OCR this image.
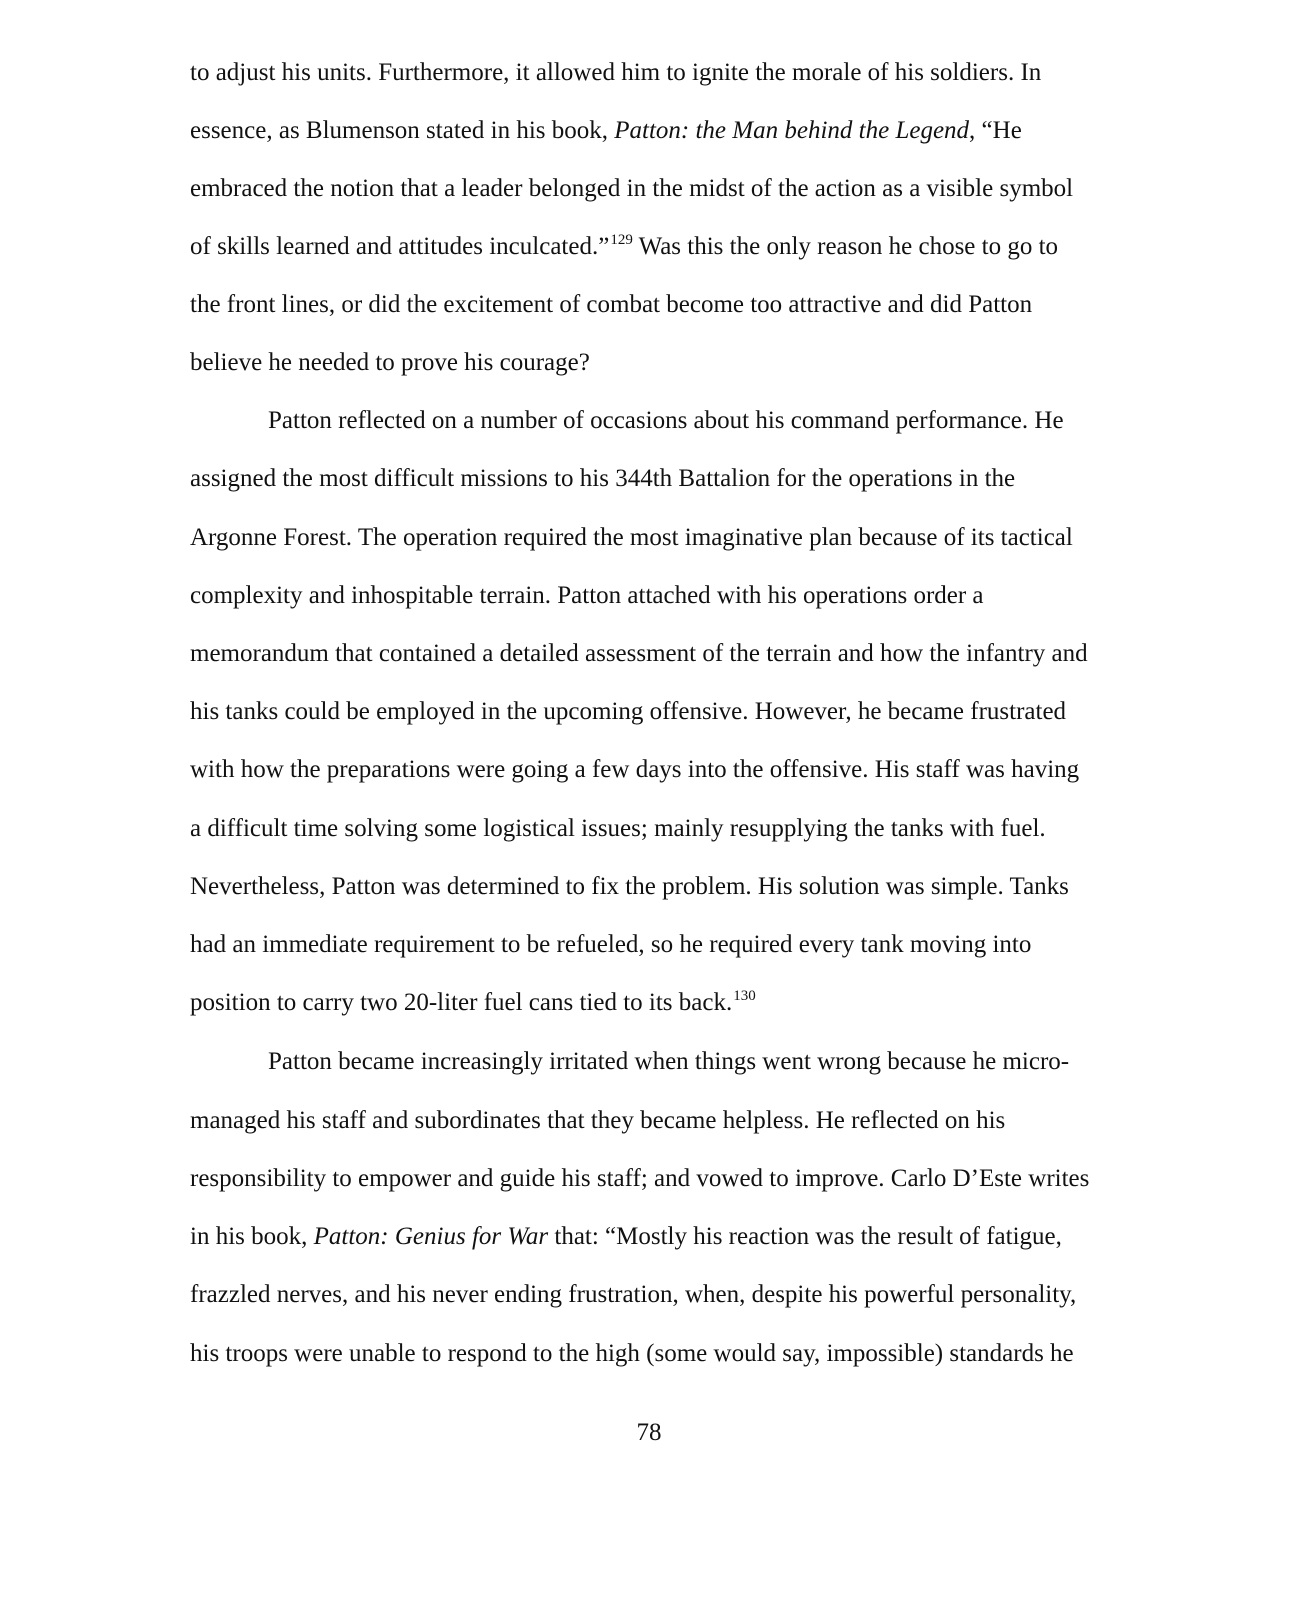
to adjust his units. Furthermore, it allowed him to ignite the morale of his soldiers. In
essence, as Blumenson stated in his book, Patton: the Man behind the Legend, “He
embraced the notion that a leader belonged in the midst of the action as a visible symbol
of skills learned and attitudes inculcated.”$^{129}$ Was this the only reason he chose to go to
the front lines, or did the excitement of combat become too attractive and did Patton
believe he needed to prove his courage?
Patton reflected on a number of occasions about his command performance. He
assigned the most difficult missions to his 344th Battalion for the operations in the
Argonne Forest. The operation required the most imaginative plan because of its tactical
complexity and inhospitable terrain. Patton attached with his operations order a
memorandum that contained a detailed assessment of the terrain and how the infantry and
his tanks could be employed in the upcoming offensive. However, he became frustrated
with how the preparations were going a few days into the offensive. His staff was having
a difficult time solving some logistical issues; mainly resupplying the tanks with fuel.
Nevertheless, Patton was determined to fix the problem. His solution was simple. Tanks
had an immediate requirement to be refueled, so he required every tank moving into
position to carry two 20-liter fuel cans tied to its back.$^{130}$
Patton became increasingly irritated when things went wrong because he micro-
managed his staff and subordinates that they became helpless. He reflected on his
responsibility to empower and guide his staff; and vowed to improve. Carlo D’Este writes
in his book, Patton: Genius for War that: “Mostly his reaction was the result of fatigue,
frazzled nerves, and his never ending frustration, when, despite his powerful personality,
his troops were unable to respond to the high (some would say, impossible) standards he
78
